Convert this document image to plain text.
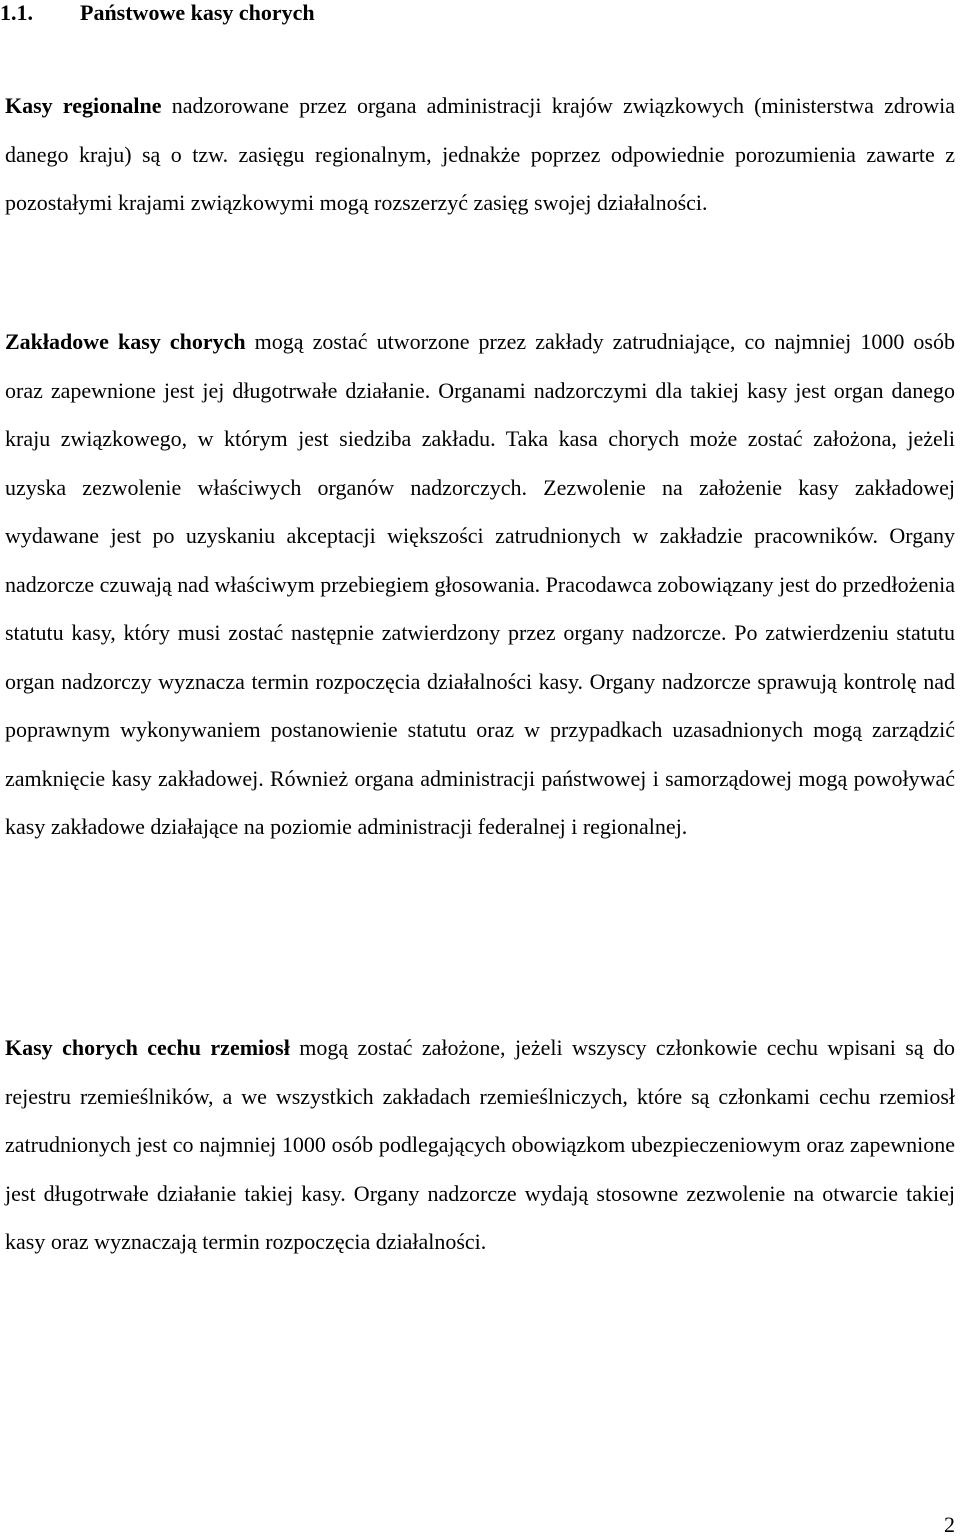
1.1. Państwowe kasy chorych

Kasy regionalne nadzorowane przez organa administracji krajów związkowych (ministerstwa zdrowia danego kraju) są o tzw. zasięgu regionalnym, jednakże poprzez odpowiednie porozumienia zawarte z pozostałymi krajami związkowymi mogą rozszerzyć zasięg swojej działalności.

Zakładowe kasy chorych mogą zostać utworzone przez zakłady zatrudniające, co najmniej 1000 osób oraz zapewnione jest jej długotrwałe działanie. Organami nadzorczymi dla takiej kasy jest organ danego kraju związkowego, w którym jest siedziba zakładu. Taka kasa chorych może zostać założona, jeżeli uzyska zezwolenie właściwych organów nadzorczych. Zezwolenie na założenie kasy zakładowej wydawane jest po uzyskaniu akceptacji większości zatrudnionych w zakładzie pracowników. Organy nadzorcze czuwają nad właściwym przebiegiem głosowania. Pracodawca zobowiązany jest do przedłożenia statutu kasy, który musi zostać następnie zatwierdzony przez organy nadzorcze. Po zatwierdzeniu statutu organ nadzorczy wyznacza termin rozpoczęcia działalności kasy. Organy nadzorcze sprawują kontrolę nad poprawnym wykonywaniem postanowienie statutu oraz w przypadkach uzasadnionych mogą zarządzić zamknięcie kasy zakładowej. Również organa administracji państwowej i samorządowej mogą powoływać kasy zakładowe działające na poziomie administracji federalnej i regionalnej.

Kasy chorych cechu rzemiosł mogą zostać założone, jeżeli wszyscy członkowie cechu wpisani są do rejestru rzemieślników, a we wszystkich zakładach rzemieślniczych, które są członkami cechu rzemiosł zatrudnionych jest co najmniej 1000 osób podlegających obowiązkom ubezpieczeniowym oraz zapewnione jest długotrwałe działanie takiej kasy. Organy nadzorcze wydają stosowne zezwolenie na otwarcie takiej kasy oraz wyznaczają termin rozpoczęcia działalności.

2
